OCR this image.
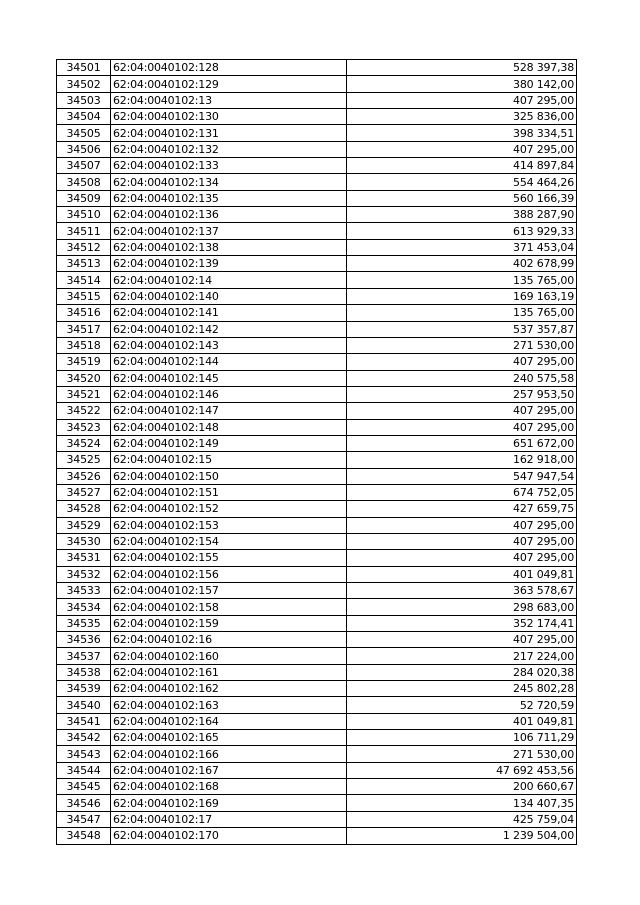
34501	62:04:0040102:128	528 397,38
34502	62:04:0040102:129	380 142,00
34503	62:04:0040102:13	407 295,00
34504	62:04:0040102:130	325 836,00
34505	62:04:0040102:131	398 334,51
34506	62:04:0040102:132	407 295,00
34507	62:04:0040102:133	414 897,84
34508	62:04:0040102:134	554 464,26
34509	62:04:0040102:135	560 166,39
34510	62:04:0040102:136	388 287,90
34511	62:04:0040102:137	613 929,33
34512	62:04:0040102:138	371 453,04
34513	62:04:0040102:139	402 678,99
34514	62:04:0040102:14	135 765,00
34515	62:04:0040102:140	169 163,19
34516	62:04:0040102:141	135 765,00
34517	62:04:0040102:142	537 357,87
34518	62:04:0040102:143	271 530,00
34519	62:04:0040102:144	407 295,00
34520	62:04:0040102:145	240 575,58
34521	62:04:0040102:146	257 953,50
34522	62:04:0040102:147	407 295,00
34523	62:04:0040102:148	407 295,00
34524	62:04:0040102:149	651 672,00
34525	62:04:0040102:15	162 918,00
34526	62:04:0040102:150	547 947,54
34527	62:04:0040102:151	674 752,05
34528	62:04:0040102:152	427 659,75
34529	62:04:0040102:153	407 295,00
34530	62:04:0040102:154	407 295,00
34531	62:04:0040102:155	407 295,00
34532	62:04:0040102:156	401 049,81
34533	62:04:0040102:157	363 578,67
34534	62:04:0040102:158	298 683,00
34535	62:04:0040102:159	352 174,41
34536	62:04:0040102:16	407 295,00
34537	62:04:0040102:160	217 224,00
34538	62:04:0040102:161	284 020,38
34539	62:04:0040102:162	245 802,28
34540	62:04:0040102:163	52 720,59
34541	62:04:0040102:164	401 049,81
34542	62:04:0040102:165	106 711,29
34543	62:04:0040102:166	271 530,00
34544	62:04:0040102:167	47 692 453,56
34545	62:04:0040102:168	200 660,67
34546	62:04:0040102:169	134 407,35
34547	62:04:0040102:17	425 759,04
34548	62:04:0040102:170	1 239 504,00
